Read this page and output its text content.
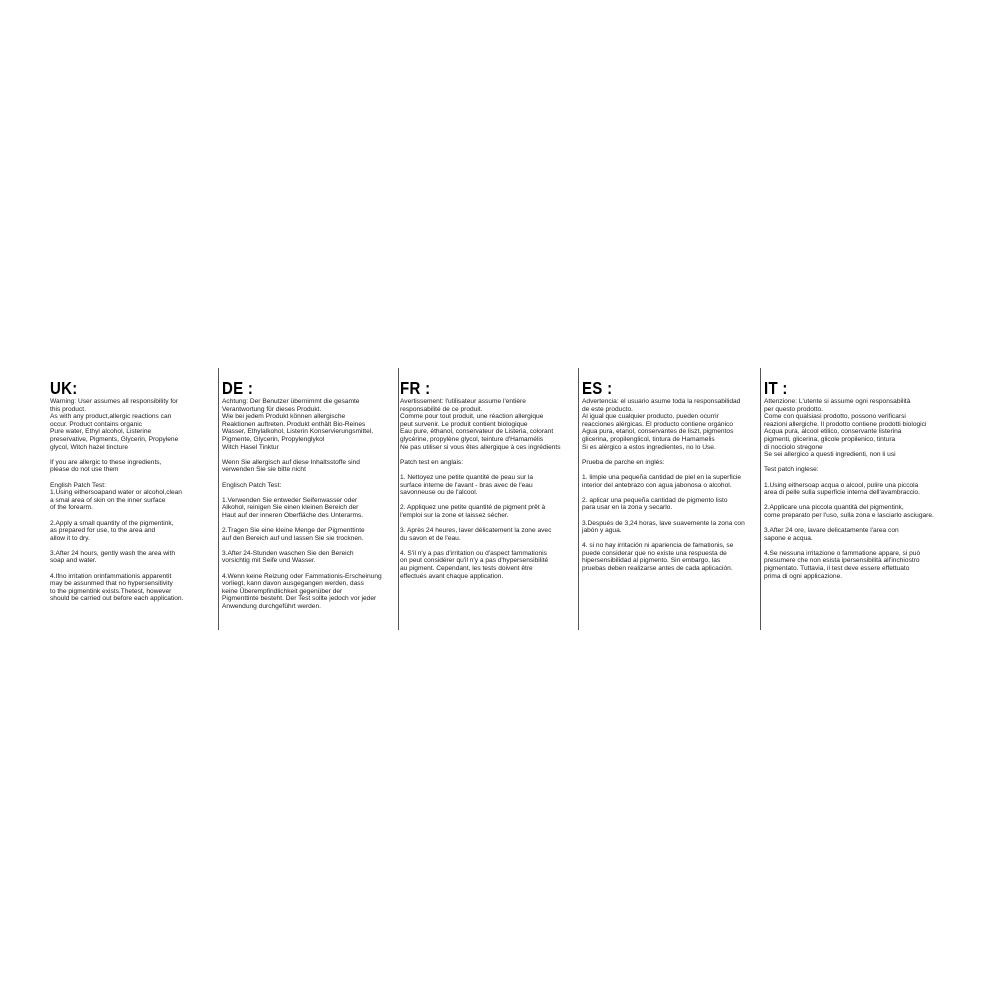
UK:

Warning: User assumes all responsibility for
this product.
As with any product,allergic reactions can
occur. Product contains organic
Pure water, Ethyl alcohol, Listerine
preservative, Pigments, Glycerin, Propylene
glycol, Witch hazel tincture

If you are allergic to these ingredients,
please do not use them

English Patch Test:
1.Using eithersoapand water or alcohol,clean
a smal area of skin on the inner surface
of the forearm.

2.Apply a small quantity of the pigmentink,
as prepared for use, to the area and
allow it to dry.

3.After 24 hours, gently wash the area with
soap and water.

4.Ifno irritation orinfammationis apparentit
may be assunmed that no hypersensitivity
to the pigmentink exists.Thetest, however
should be carried out before each application.

DE :

Achtung: Der Benutzer übernimmt die gesamte
Verantwortung für dieses Produkt.
Wie bei jedem Produkt können allergische
Reaktionen auftreten. Produkt enthält Bio-Reines
Wasser, Ethylalkohol, Listerin Konservierungsmittel,
Pigmente, Glycerin, Propylenglykol
Witch Hasel Tinktur

Wenn Sie allergisch auf diese Inhaltsstoffe sind
verwenden Sie sie bitte nicht

Englisch Patch Test:

1.Verwenden Sie entweder Seifenwasser oder
Alkohol, reinigen Sie einen kleinen Bereich der
Haut auf der inneren Oberfläche des Unterarms.

2.Tragen Sie eine kleine Menge der Pigmenttinte
auf den Bereich auf und lassen Sie sie trocknen.

3.After 24-Stunden waschen Sie den Bereich
vorsichtig mit Seife und Wasser.

4.Wenn keine Reizung oder Fammationis-Erscheinung
vorliegt, kann davon ausgegangen werden, dass
keine Überempfindlichkeit gegenüber der
Pigmenttinte besteht. Der Test sollte jedoch vor jeder
Anwendung durchgeführt werden.

FR :

Avertissement: l'utilisateur assume l'entière
responsabilité de ce produit.
Comme pour tout produit, une réaction allergique
peut survenir. Le produit contient biologique
Eau pure, éthanol, conservateur de Listeria, colorant
glycérine, propylène glycol, teinture d'Hamamélis
Ne pas utiliser si vous êtes allergique à ces ingrédients

Patch test en anglais:

1. Nettoyez une petite quantité de peau sur la
surface interne de l'avant - bras avec de l'eau
savonneuse ou de l'alcool.

2. Appliquez une petite quantité de pigment prêt à
l'emploi sur la zone et laissez sécher.

3. Après 24 heures, laver délicatement la zone avec
du savon et de l'eau.

4. S'il n'y a pas d'irritation ou d'aspect fammationis
on peut considérer qu'il n'y a pas d'hypersensibilité
au pigment. Cependant, les tests doivent être
effectués avant chaque application.

ES :

Advertencia: el usuario asume toda la responsabilidad
de este producto.
Al igual que cualquier producto, pueden ocurrir
reacciones alérgicas. El producto contiene orgánico
Agua pura, etanol, conservantes de liszt, pigmentos
glicerina, propilenglicol, tintura de Hamamelis
Si es alérgico a estos ingredientes, no lo Use.

Prueba de parche en inglés:

1. limpie una pequeña cantidad de piel en la superficie
interior del antebrazo con agua jabonosa o alcohol.

2. aplicar una pequeña cantidad de pigmento listo
para usar en la zona y secarlo.

3.Después de 3,24 horas, lave suavemente la zona con
jabón y agua.

4. si no hay irritación ni apariencia de famationis, se
puede considerar que no existe una respuesta de
hipersensibilidad al pigmento. Sin embargo, las
pruebas deben realizarse antes de cada aplicación.

IT :

Attenzione: L'utente si assume ogni responsabilità
per questo prodotto.
Come con qualsiasi prodotto, possono verificarsi
reazioni allergiche. Il prodotto contiene prodotti biologici
Acqua pura, alcool etilico, conservante listerina
pigmenti, glicerina, glicole propilenico, tintura
di nocciolo stregone
Se sei allergico a questi ingredienti, non li usi

Test patch inglese:

1.Using eithersoap acqua o alcool, pulire una piccola
area di pelle sulla superficie interna dell'avambraccio.

2.Applicare una piccola quantità del pigmentink,
come preparato per l'uso, sulla zona e lasciarlo asciugare.

3.After 24 ore, lavare delicatamente l'area con
sapone e acqua.

4.Se nessuna irritazione o fammatione appare, si può
presumere che non esista ipersensibilità all'inchiostro
pigmentato. Tuttavia, il test deve essere effettuato
prima di ogni applicazione.
